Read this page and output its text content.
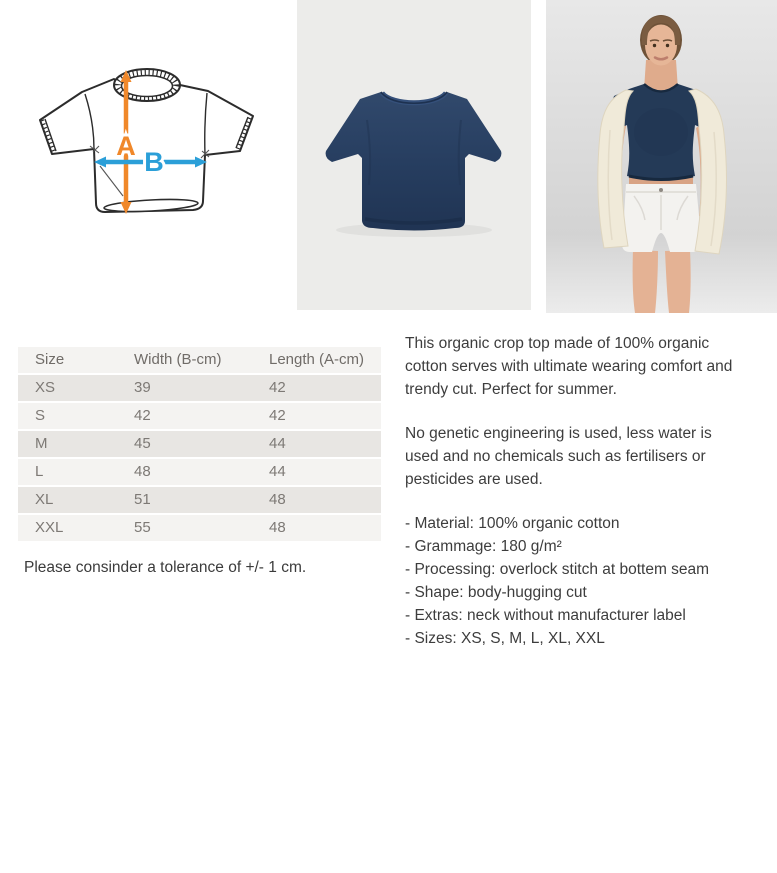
A
B
Size	Width (B-cm)	Length (A-cm)
XS	39	42
S	42	42
M	45	44
L	48	44
XL	51	48
XXL	55	48
Please consinder a tolerance of +/- 1 cm.

This organic crop top made of 100% organic cotton serves with ultimate wearing comfort and trendy cut. Perfect for summer.

No genetic engineering is used, less water is used and no chemicals such as fertilisers or pesticides are used.

- Material: 100% organic cotton
- Grammage: 180 g/m²
- Processing: overlock stitch at bottem seam
- Shape: body-hugging cut
- Extras: neck without manufacturer label
- Sizes: XS, S, M, L, XL, XXL
